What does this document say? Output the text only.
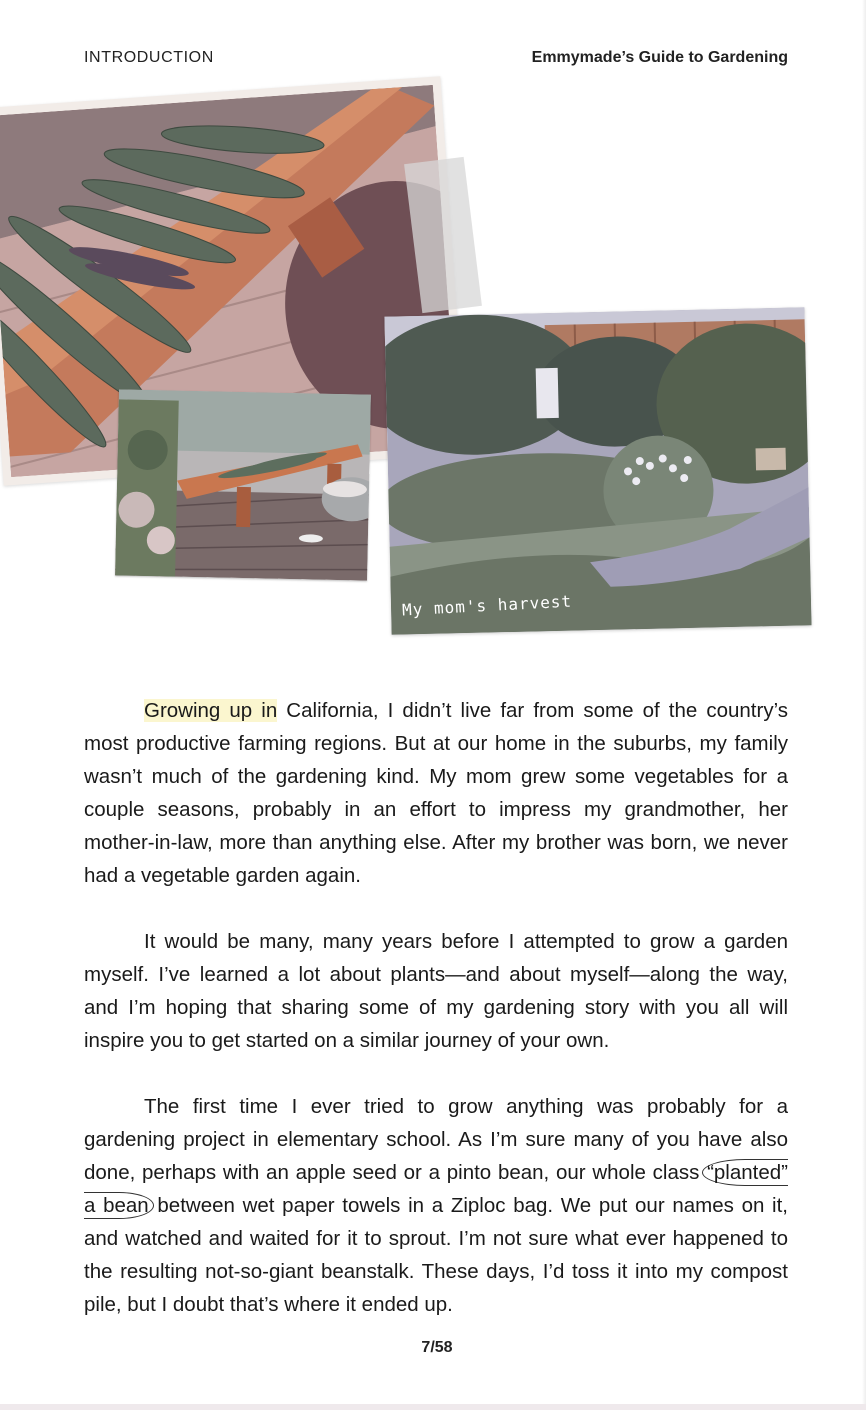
INTRODUCTION	Emmymade’s Guide to Gardening
My mom's harvest

Growing up in California, I didn’t live far from some of the country’s most productive farming regions. But at our home in the suburbs, my family wasn’t much of the gardening kind. My mom grew some vegetables for a couple seasons, probably in an effort to impress my grandmother, her mother-in-law, more than anything else. After my brother was born, we never had a vegetable garden again.

It would be many, many years before I attempted to grow a garden myself. I’ve learned a lot about plants—and about myself—along the way, and I’m hoping that sharing some of my gardening story with you all will inspire you to get started on a similar journey of your own.

The first time I ever tried to grow anything was probably for a gardening project in elementary school. As I’m sure many of you have also done, perhaps with an apple seed or a pinto bean, our whole class “planted” a bean between wet paper towels in a Ziploc bag. We put our names on it, and watched and waited for it to sprout. I’m not sure what ever happened to the resulting not-so-giant beanstalk. These days, I’d toss it into my compost pile, but I doubt that’s where it ended up.

7/58
